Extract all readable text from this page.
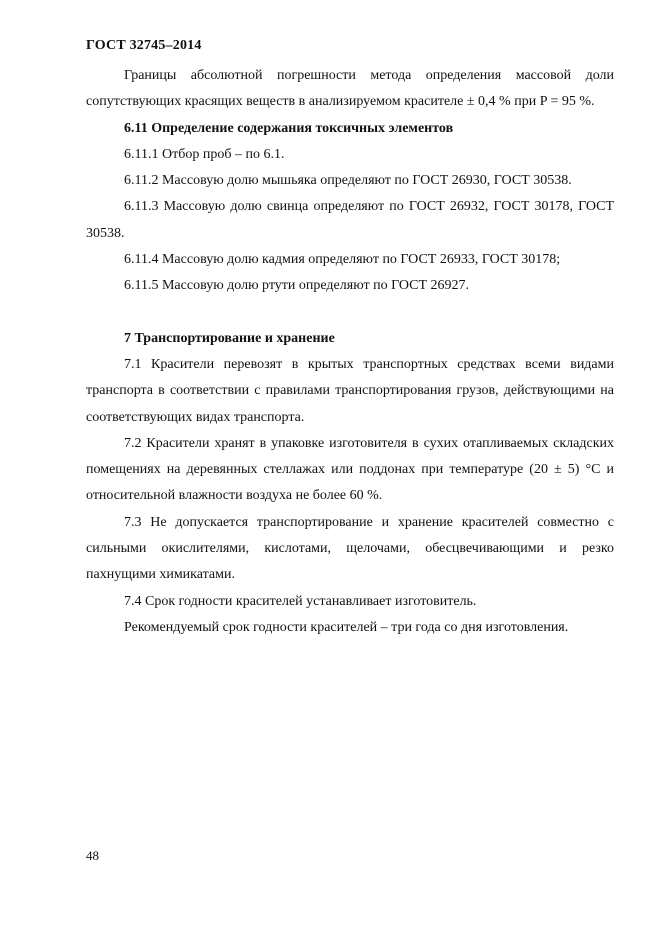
ГОСТ 32745–2014

Границы абсолютной погрешности метода определения массовой доли сопутствующих красящих веществ в анализируемом красителе ± 0,4 % при P = 95 %.

6.11 Определение содержания токсичных элементов

6.11.1 Отбор проб – по 6.1.

6.11.2 Массовую долю мышьяка определяют по ГОСТ 26930, ГОСТ 30538.

6.11.3 Массовую долю свинца определяют по ГОСТ 26932, ГОСТ 30178, ГОСТ 30538.

6.11.4 Массовую долю кадмия определяют по ГОСТ 26933, ГОСТ 30178;

6.11.5 Массовую долю ртути определяют по ГОСТ 26927.

7 Транспортирование и хранение

7.1 Красители перевозят в крытых транспортных средствах всеми видами транспорта в соответствии с правилами транспортирования грузов, действующими на соответствующих видах транспорта.

7.2 Красители хранят в упаковке изготовителя в сухих отапливаемых складских помещениях на деревянных стеллажах или поддонах при температуре (20 ± 5) °С и относительной влажности воздуха не более 60 %.

7.3 Не допускается транспортирование и хранение красителей совместно с сильными окислителями, кислотами, щелочами, обесцвечивающими и резко пахнущими химикатами.

7.4 Срок годности красителей устанавливает изготовитель.

Рекомендуемый срок годности красителей – три года со дня изготовления.

48
